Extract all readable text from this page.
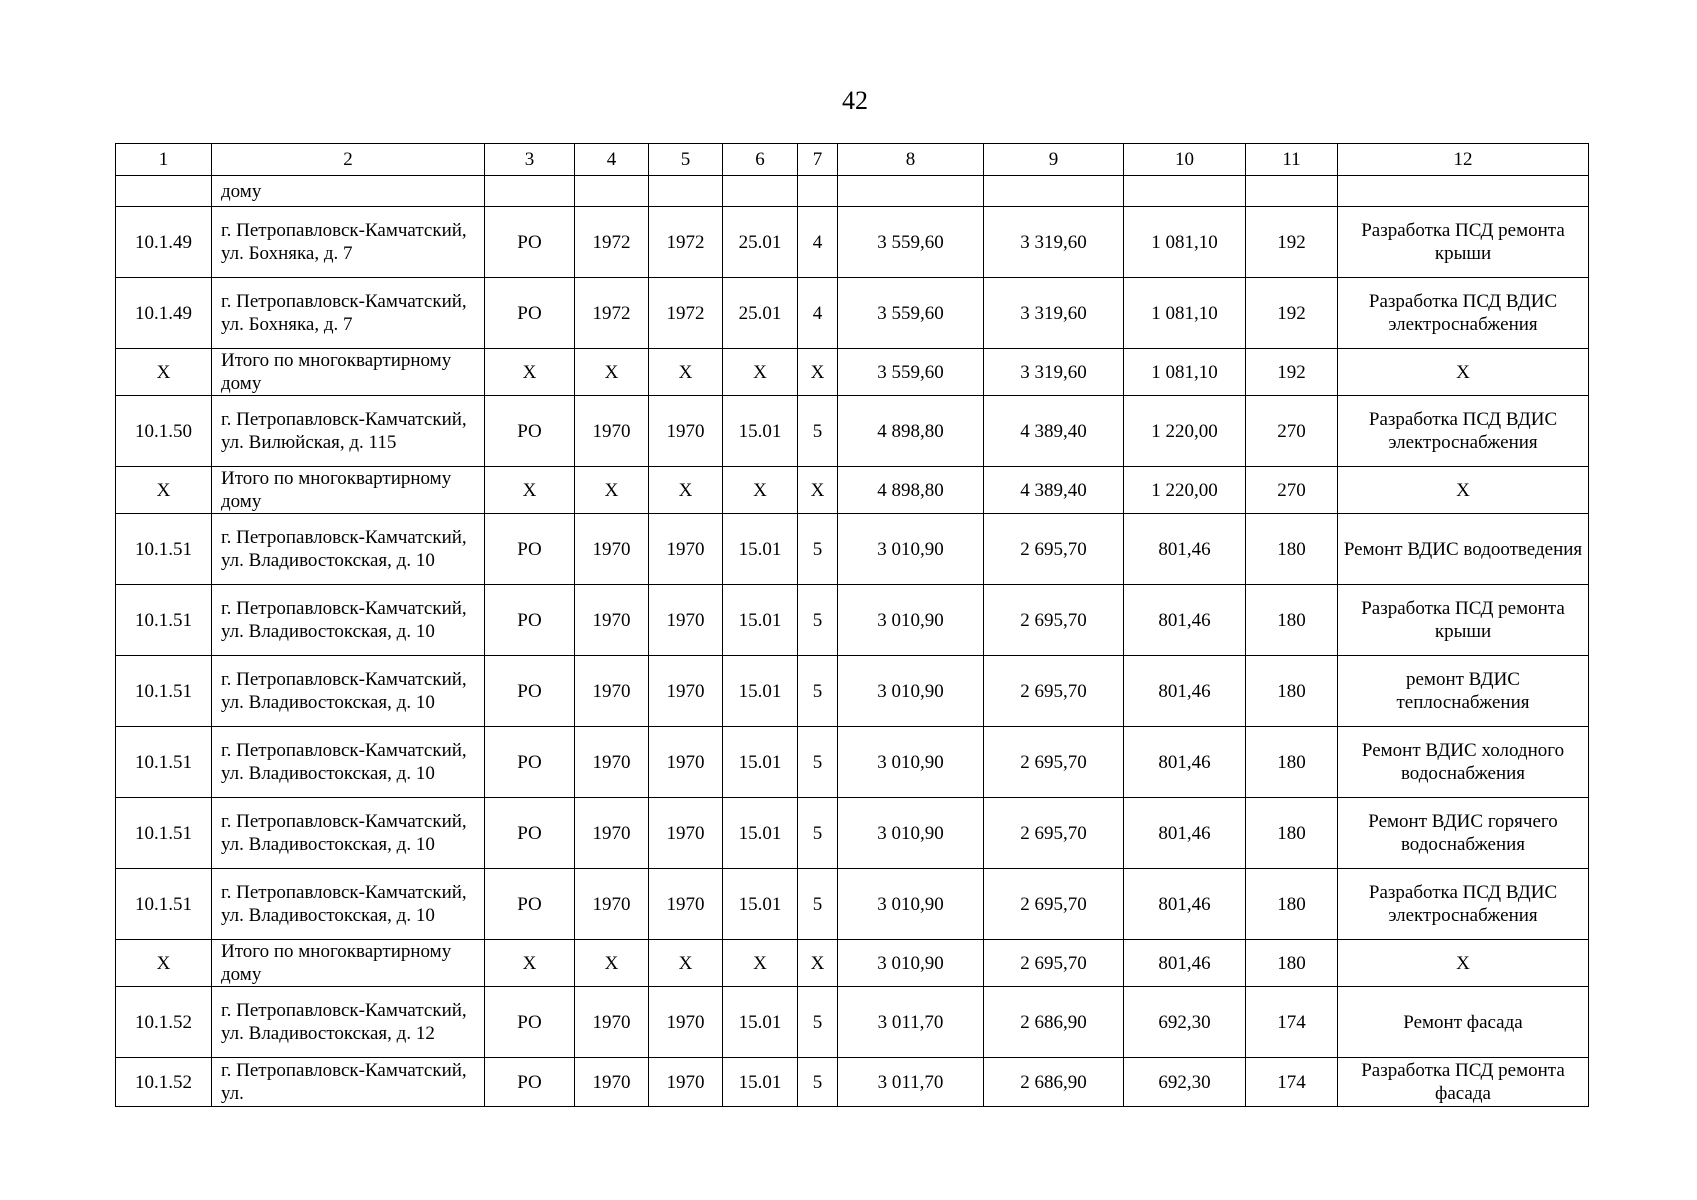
42
1	2	3	4	5	6	7	8	9	10	11	12
	дому										
10.1.49	г. Петропавловск-Камчатский, ул. Бохняка, д. 7	РО	1972	1972	25.01	4	3 559,60	3 319,60	1 081,10	192	Разработка ПСД ремонта крыши
10.1.49	г. Петропавловск-Камчатский, ул. Бохняка, д. 7	РО	1972	1972	25.01	4	3 559,60	3 319,60	1 081,10	192	Разработка ПСД ВДИС электроснабжения
Х	Итого по многоквартирному дому	Х	Х	Х	Х	Х	3 559,60	3 319,60	1 081,10	192	Х
10.1.50	г. Петропавловск-Камчатский, ул. Вилюйская, д. 115	РО	1970	1970	15.01	5	4 898,80	4 389,40	1 220,00	270	Разработка ПСД ВДИС электроснабжения
Х	Итого по многоквартирному дому	Х	Х	Х	Х	Х	4 898,80	4 389,40	1 220,00	270	Х
10.1.51	г. Петропавловск-Камчатский, ул. Владивостокская, д. 10	РО	1970	1970	15.01	5	3 010,90	2 695,70	801,46	180	Ремонт ВДИС водоотведения
10.1.51	г. Петропавловск-Камчатский, ул. Владивостокская, д. 10	РО	1970	1970	15.01	5	3 010,90	2 695,70	801,46	180	Разработка ПСД ремонта крыши
10.1.51	г. Петропавловск-Камчатский, ул. Владивостокская, д. 10	РО	1970	1970	15.01	5	3 010,90	2 695,70	801,46	180	ремонт ВДИС теплоснабжения
10.1.51	г. Петропавловск-Камчатский, ул. Владивостокская, д. 10	РО	1970	1970	15.01	5	3 010,90	2 695,70	801,46	180	Ремонт ВДИС холодного водоснабжения
10.1.51	г. Петропавловск-Камчатский, ул. Владивостокская, д. 10	РО	1970	1970	15.01	5	3 010,90	2 695,70	801,46	180	Ремонт ВДИС горячего водоснабжения
10.1.51	г. Петропавловск-Камчатский, ул. Владивостокская, д. 10	РО	1970	1970	15.01	5	3 010,90	2 695,70	801,46	180	Разработка ПСД ВДИС электроснабжения
Х	Итого по многоквартирному дому	Х	Х	Х	Х	Х	3 010,90	2 695,70	801,46	180	Х
10.1.52	г. Петропавловск-Камчатский, ул. Владивостокская, д. 12	РО	1970	1970	15.01	5	3 011,70	2 686,90	692,30	174	Ремонт фасада
10.1.52	г. Петропавловск-Камчатский, ул.	РО	1970	1970	15.01	5	3 011,70	2 686,90	692,30	174	Разработка ПСД ремонта фасада
